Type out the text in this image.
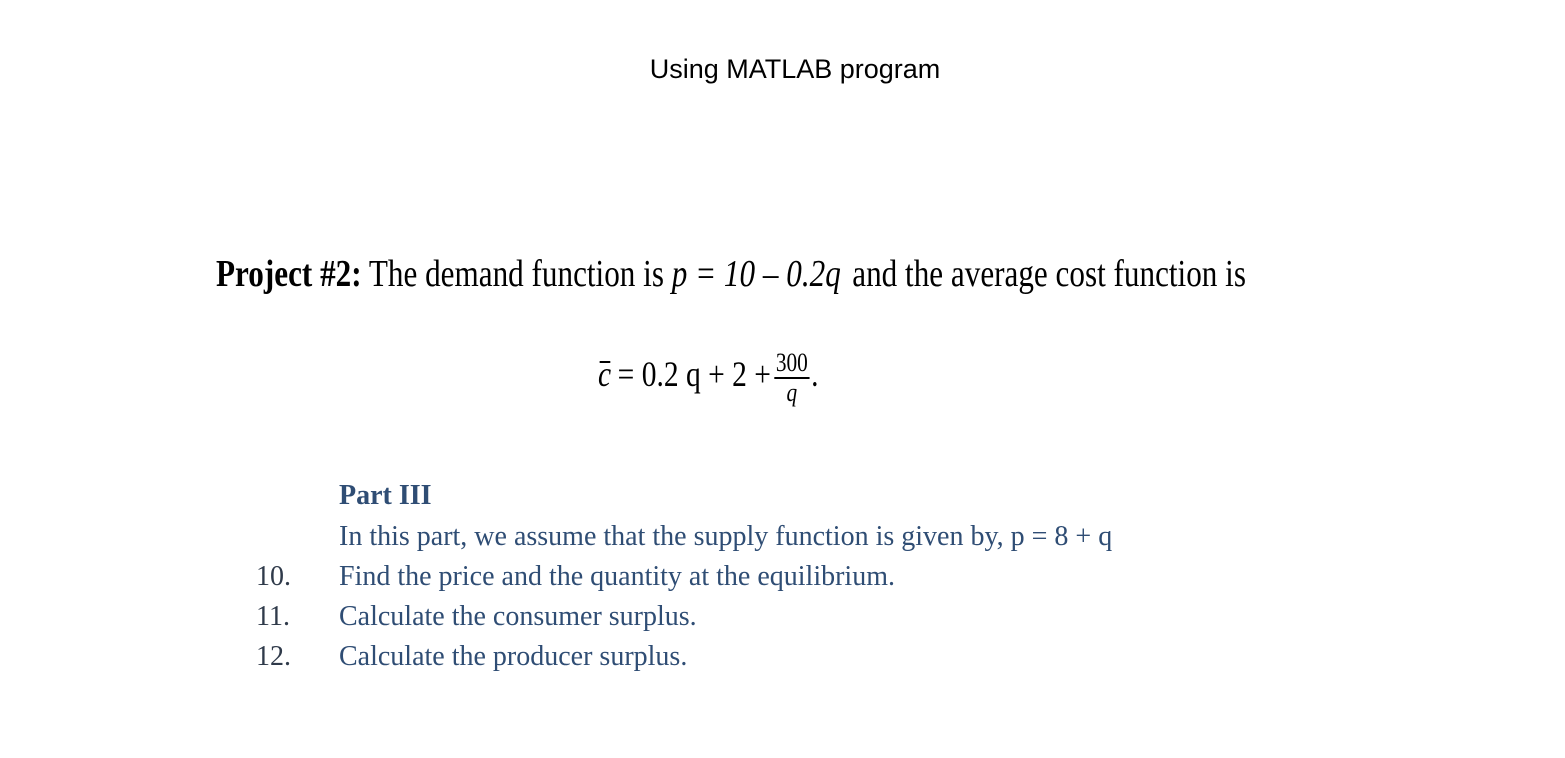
Using MATLAB program
Project #2: The demand function is p = 10 – 0.2q and the average cost function is
c = 0.2 $q + 2 + \frac{300}{q}$ .
Part III
In this part, we assume that the supply function is given by, p = 8 + q
10. Find the price and the quantity at the equilibrium.
11. Calculate the consumer surplus.
12. Calculate the producer surplus.
